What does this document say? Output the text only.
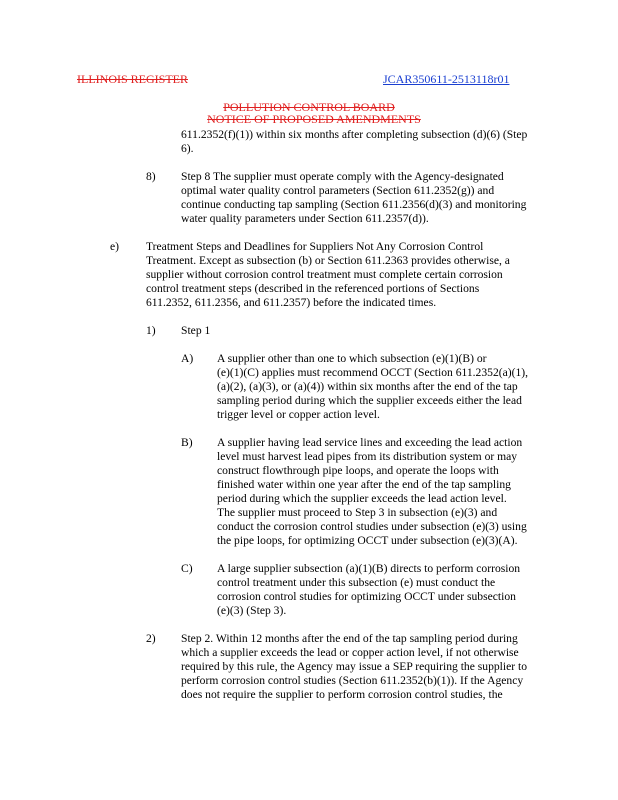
ILLINOIS REGISTER	JCAR350611-2513118r01
POLLUTION CONTROL BOARD
NOTICE OF PROPOSED AMENDMENTS
611.2352(f)(1)) within six months after completing subsection (d)(6) (Step
6).
8) Step 8 The supplier must operate comply with the Agency-designated
optimal water quality control parameters (Section 611.2352(g)) and
continue conducting tap sampling (Section 611.2356(d)(3) and monitoring
water quality parameters under Section 611.2357(d)).
e) Treatment Steps and Deadlines for Suppliers Not Any Corrosion Control
Treatment. Except as subsection (b) or Section 611.2363 provides otherwise, a
supplier without corrosion control treatment must complete certain corrosion
control treatment steps (described in the referenced portions of Sections
611.2352, 611.2356, and 611.2357) before the indicated times.
1) Step 1
A) A supplier other than one to which subsection (e)(1)(B) or
(e)(1)(C) applies must recommend OCCT (Section 611.2352(a)(1),
(a)(2), (a)(3), or (a)(4)) within six months after the end of the tap
sampling period during which the supplier exceeds either the lead
trigger level or copper action level.
B) A supplier having lead service lines and exceeding the lead action
level must harvest lead pipes from its distribution system or may
construct flowthrough pipe loops, and operate the loops with
finished water within one year after the end of the tap sampling
period during which the supplier exceeds the lead action level.
The supplier must proceed to Step 3 in subsection (e)(3) and
conduct the corrosion control studies under subsection (e)(3) using
the pipe loops, for optimizing OCCT under subsection (e)(3)(A).
C) A large supplier subsection (a)(1)(B) directs to perform corrosion
control treatment under this subsection (e) must conduct the
corrosion control studies for optimizing OCCT under subsection
(e)(3) (Step 3).
2) Step 2. Within 12 months after the end of the tap sampling period during
which a supplier exceeds the lead or copper action level, if not otherwise
required by this rule, the Agency may issue a SEP requiring the supplier to
perform corrosion control studies (Section 611.2352(b)(1)). If the Agency
does not require the supplier to perform corrosion control studies, the
